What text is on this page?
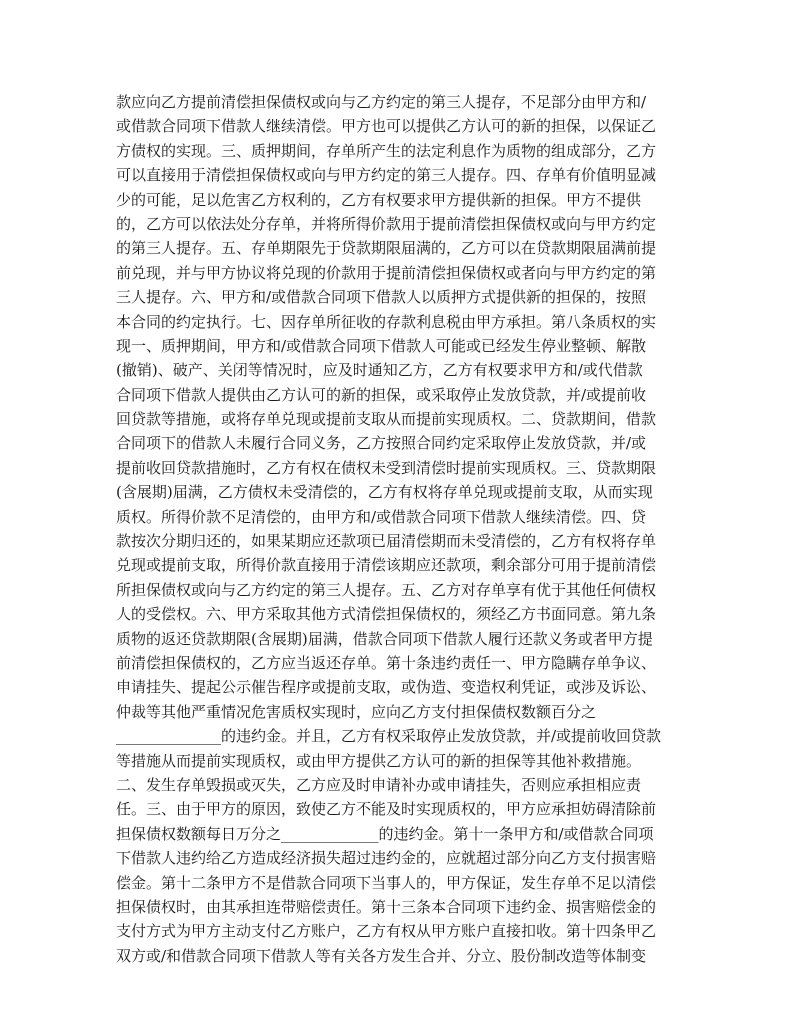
款应向乙方提前清偿担保债权或向与乙方约定的第三人提存，不足部分由甲方和/
或借款合同项下借款人继续清偿。甲方也可以提供乙方认可的新的担保，以保证乙
方债权的实现。三、质押期间，存单所产生的法定利息作为质物的组成部分，乙方
可以直接用于清偿担保债权或向与甲方约定的第三人提存。四、存单有价值明显减
少的可能，足以危害乙方权利的，乙方有权要求甲方提供新的担保。甲方不提供
的，乙方可以依法处分存单，并将所得价款用于提前清偿担保债权或向与甲方约定
的第三人提存。五、存单期限先于贷款期限届满的，乙方可以在贷款期限届满前提
前兑现，并与甲方协议将兑现的价款用于提前清偿担保债权或者向与甲方约定的第
三人提存。六、甲方和/或借款合同项下借款人以质押方式提供新的担保的，按照
本合同的约定执行。七、因存单所征收的存款利息税由甲方承担。第八条质权的实
现一、质押期间，甲方和/或借款合同项下借款人可能或已经发生停业整顿、解散
(撤销)、破产、关闭等情况时，应及时通知乙方，乙方有权要求甲方和/或代借款
合同项下借款人提供由乙方认可的新的担保，或采取停止发放贷款，并/或提前收
回贷款等措施，或将存单兑现或提前支取从而提前实现质权。二、贷款期间，借款
合同项下的借款人未履行合同义务，乙方按照合同约定采取停止发放贷款，并/或
提前收回贷款措施时，乙方有权在债权未受到清偿时提前实现质权。三、贷款期限
(含展期)届满，乙方债权未受清偿的，乙方有权将存单兑现或提前支取，从而实现
质权。所得价款不足清偿的，由甲方和/或借款合同项下借款人继续清偿。四、贷
款按次分期归还的，如果某期应还款项已届清偿期而未受清偿的，乙方有权将存单
兑现或提前支取，所得价款直接用于清偿该期应还款项，剩余部分可用于提前清偿
所担保债权或向与乙方约定的第三人提存。五、乙方对存单享有优于其他任何债权
人的受偿权。六、甲方采取其他方式清偿担保债权的，须经乙方书面同意。第九条
质物的返还贷款期限(含展期)届满，借款合同项下借款人履行还款义务或者甲方提
前清偿担保债权的，乙方应当返还存单。第十条违约责任一、甲方隐瞒存单争议、
申请挂失、提起公示催告程序或提前支取，或伪造、变造权利凭证，或涉及诉讼、
仲裁等其他严重情况危害质权实现时，应向乙方支付担保债权数额百分之
______________的违约金。并且，乙方有权采取停止发放贷款，并/或提前收回贷款
等措施从而提前实现质权，或由甲方提供乙方认可的新的担保等其他补救措施。
二、发生存单毁损或灭失，乙方应及时申请补办或申请挂失，否则应承担相应责
任。三、由于甲方的原因，致使乙方不能及时实现质权的，甲方应承担妨碍清除前
担保债权数额每日万分之_____________的违约金。第十一条甲方和/或借款合同项
下借款人违约给乙方造成经济损失超过违约金的，应就超过部分向乙方支付损害赔
偿金。第十二条甲方不是借款合同项下当事人的，甲方保证，发生存单不足以清偿
担保债权时，由其承担连带赔偿责任。第十三条本合同项下违约金、损害赔偿金的
支付方式为甲方主动支付乙方账户，乙方有权从甲方账户直接扣收。第十四条甲乙
双方或/和借款合同项下借款人等有关各方发生合并、分立、股份制改造等体制变
